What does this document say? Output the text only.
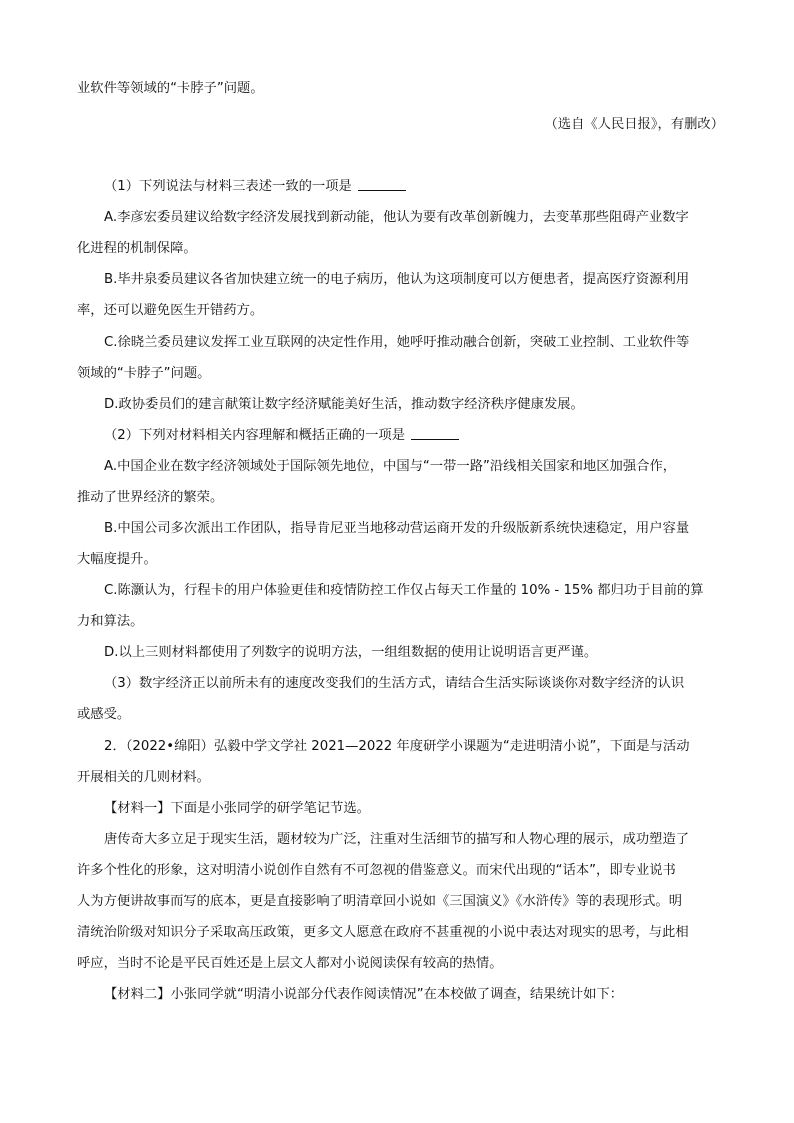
业软件等领域的“卡脖子”问题。
（选自《人民日报》，有删改）
（1）下列说法与材料三表述一致的一项是
A.李彦宏委员建议给数字经济发展找到新动能，他认为要有改革创新魄力，去变革那些阻碍产业数字
化进程的机制保障。
B.毕井泉委员建议各省加快建立统一的电子病历，他认为这项制度可以方便患者，提高医疗资源利用
率，还可以避免医生开错药方。
C.徐晓兰委员建议发挥工业互联网的决定性作用，她呼吁推动融合创新，突破工业控制、工业软件等
领域的“卡脖子”问题。
D.政协委员们的建言献策让数字经济赋能美好生活，推动数字经济秩序健康发展。
（2）下列对材料相关内容理解和概括正确的一项是
A.中国企业在数字经济领域处于国际领先地位，中国与“一带一路”沿线相关国家和地区加强合作，
推动了世界经济的繁荣。
B.中国公司多次派出工作团队，指导肯尼亚当地移动营运商开发的升级版新系统快速稳定，用户容量
大幅度提升。
C.陈灏认为，行程卡的用户体验更佳和疫情防控工作仅占每天工作量的 10% - 15% 都归功于目前的算
力和算法。
D.以上三则材料都使用了列数字的说明方法，一组组数据的使用让说明语言更严谨。
（3）数字经济正以前所未有的速度改变我们的生活方式，请结合生活实际谈谈你对数字经济的认识
或感受。
2．（2022•绵阳）弘毅中学文学社 2021—2022 年度研学小课题为“走进明清小说”，下面是与活动
开展相关的几则材料。
【材料一】下面是小张同学的研学笔记节选。
唐传奇大多立足于现实生活，题材较为广泛，注重对生活细节的描写和人物心理的展示，成功塑造了
许多个性化的形象，这对明清小说创作自然有不可忽视的借鉴意义。而宋代出现的“话本”，即专业说书
人为方便讲故事而写的底本，更是直接影响了明清章回小说如《三国演义》《水浒传》等的表现形式。明
清统治阶级对知识分子采取高压政策，更多文人愿意在政府不甚重视的小说中表达对现实的思考，与此相
呼应，当时不论是平民百姓还是上层文人都对小说阅读保有较高的热情。
【材料二】小张同学就“明清小说部分代表作阅读情况”在本校做了调查，结果统计如下：
